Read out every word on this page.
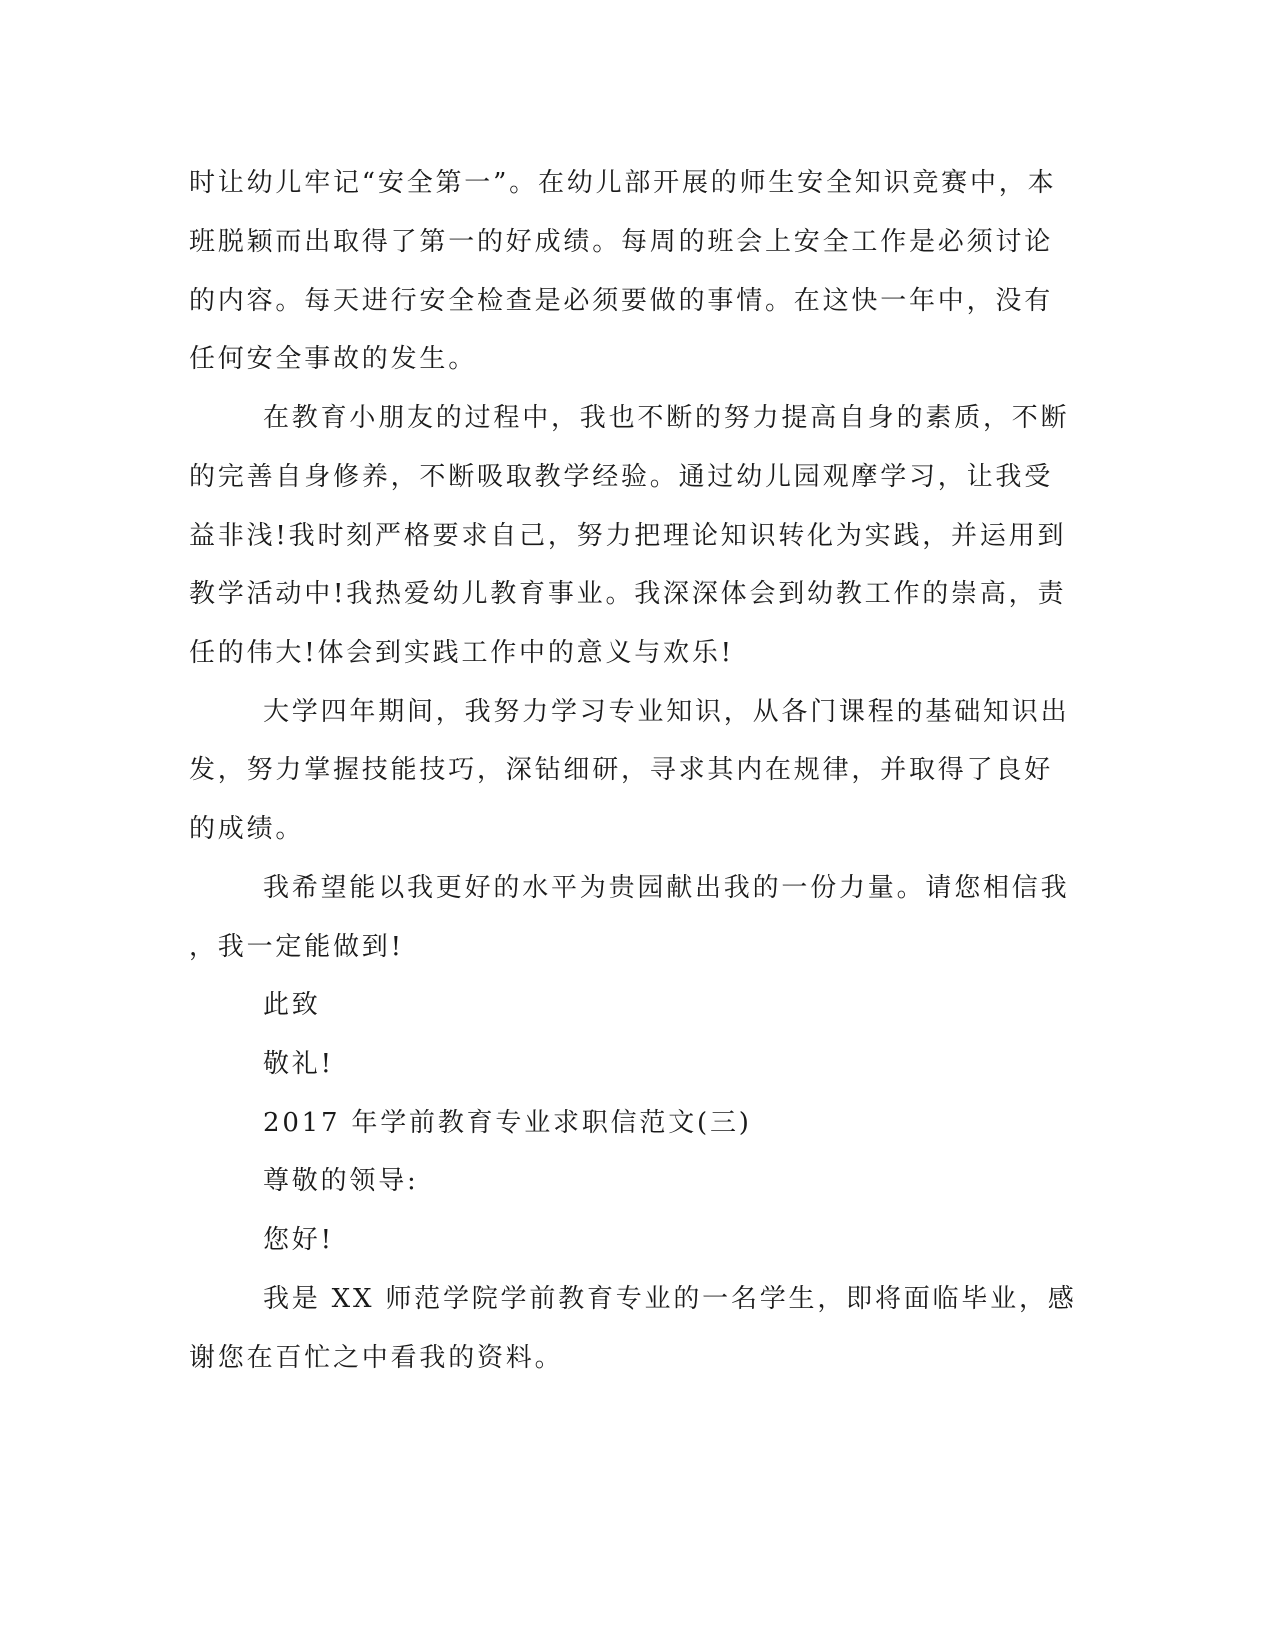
时让幼儿牢记“安全第一”。在幼儿部开展的师生安全知识竞赛中，本
班脱颖而出取得了第一的好成绩。每周的班会上安全工作是必须讨论
的内容。每天进行安全检查是必须要做的事情。在这快一年中，没有
任何安全事故的发生。
在教育小朋友的过程中，我也不断的努力提高自身的素质，不断
的完善自身修养，不断吸取教学经验。通过幼儿园观摩学习，让我受
益非浅!我时刻严格要求自己，努力把理论知识转化为实践，并运用到
教学活动中!我热爱幼儿教育事业。我深深体会到幼教工作的崇高，责
任的伟大!体会到实践工作中的意义与欢乐!
大学四年期间，我努力学习专业知识，从各门课程的基础知识出
发，努力掌握技能技巧，深钻细研，寻求其内在规律，并取得了良好
的成绩。
我希望能以我更好的水平为贵园献出我的一份力量。请您相信我
，我一定能做到!
此致
敬礼!
2017 年学前教育专业求职信范文(三)
尊敬的领导:
您好!
我是 XX 师范学院学前教育专业的一名学生，即将面临毕业，感
谢您在百忙之中看我的资料。
